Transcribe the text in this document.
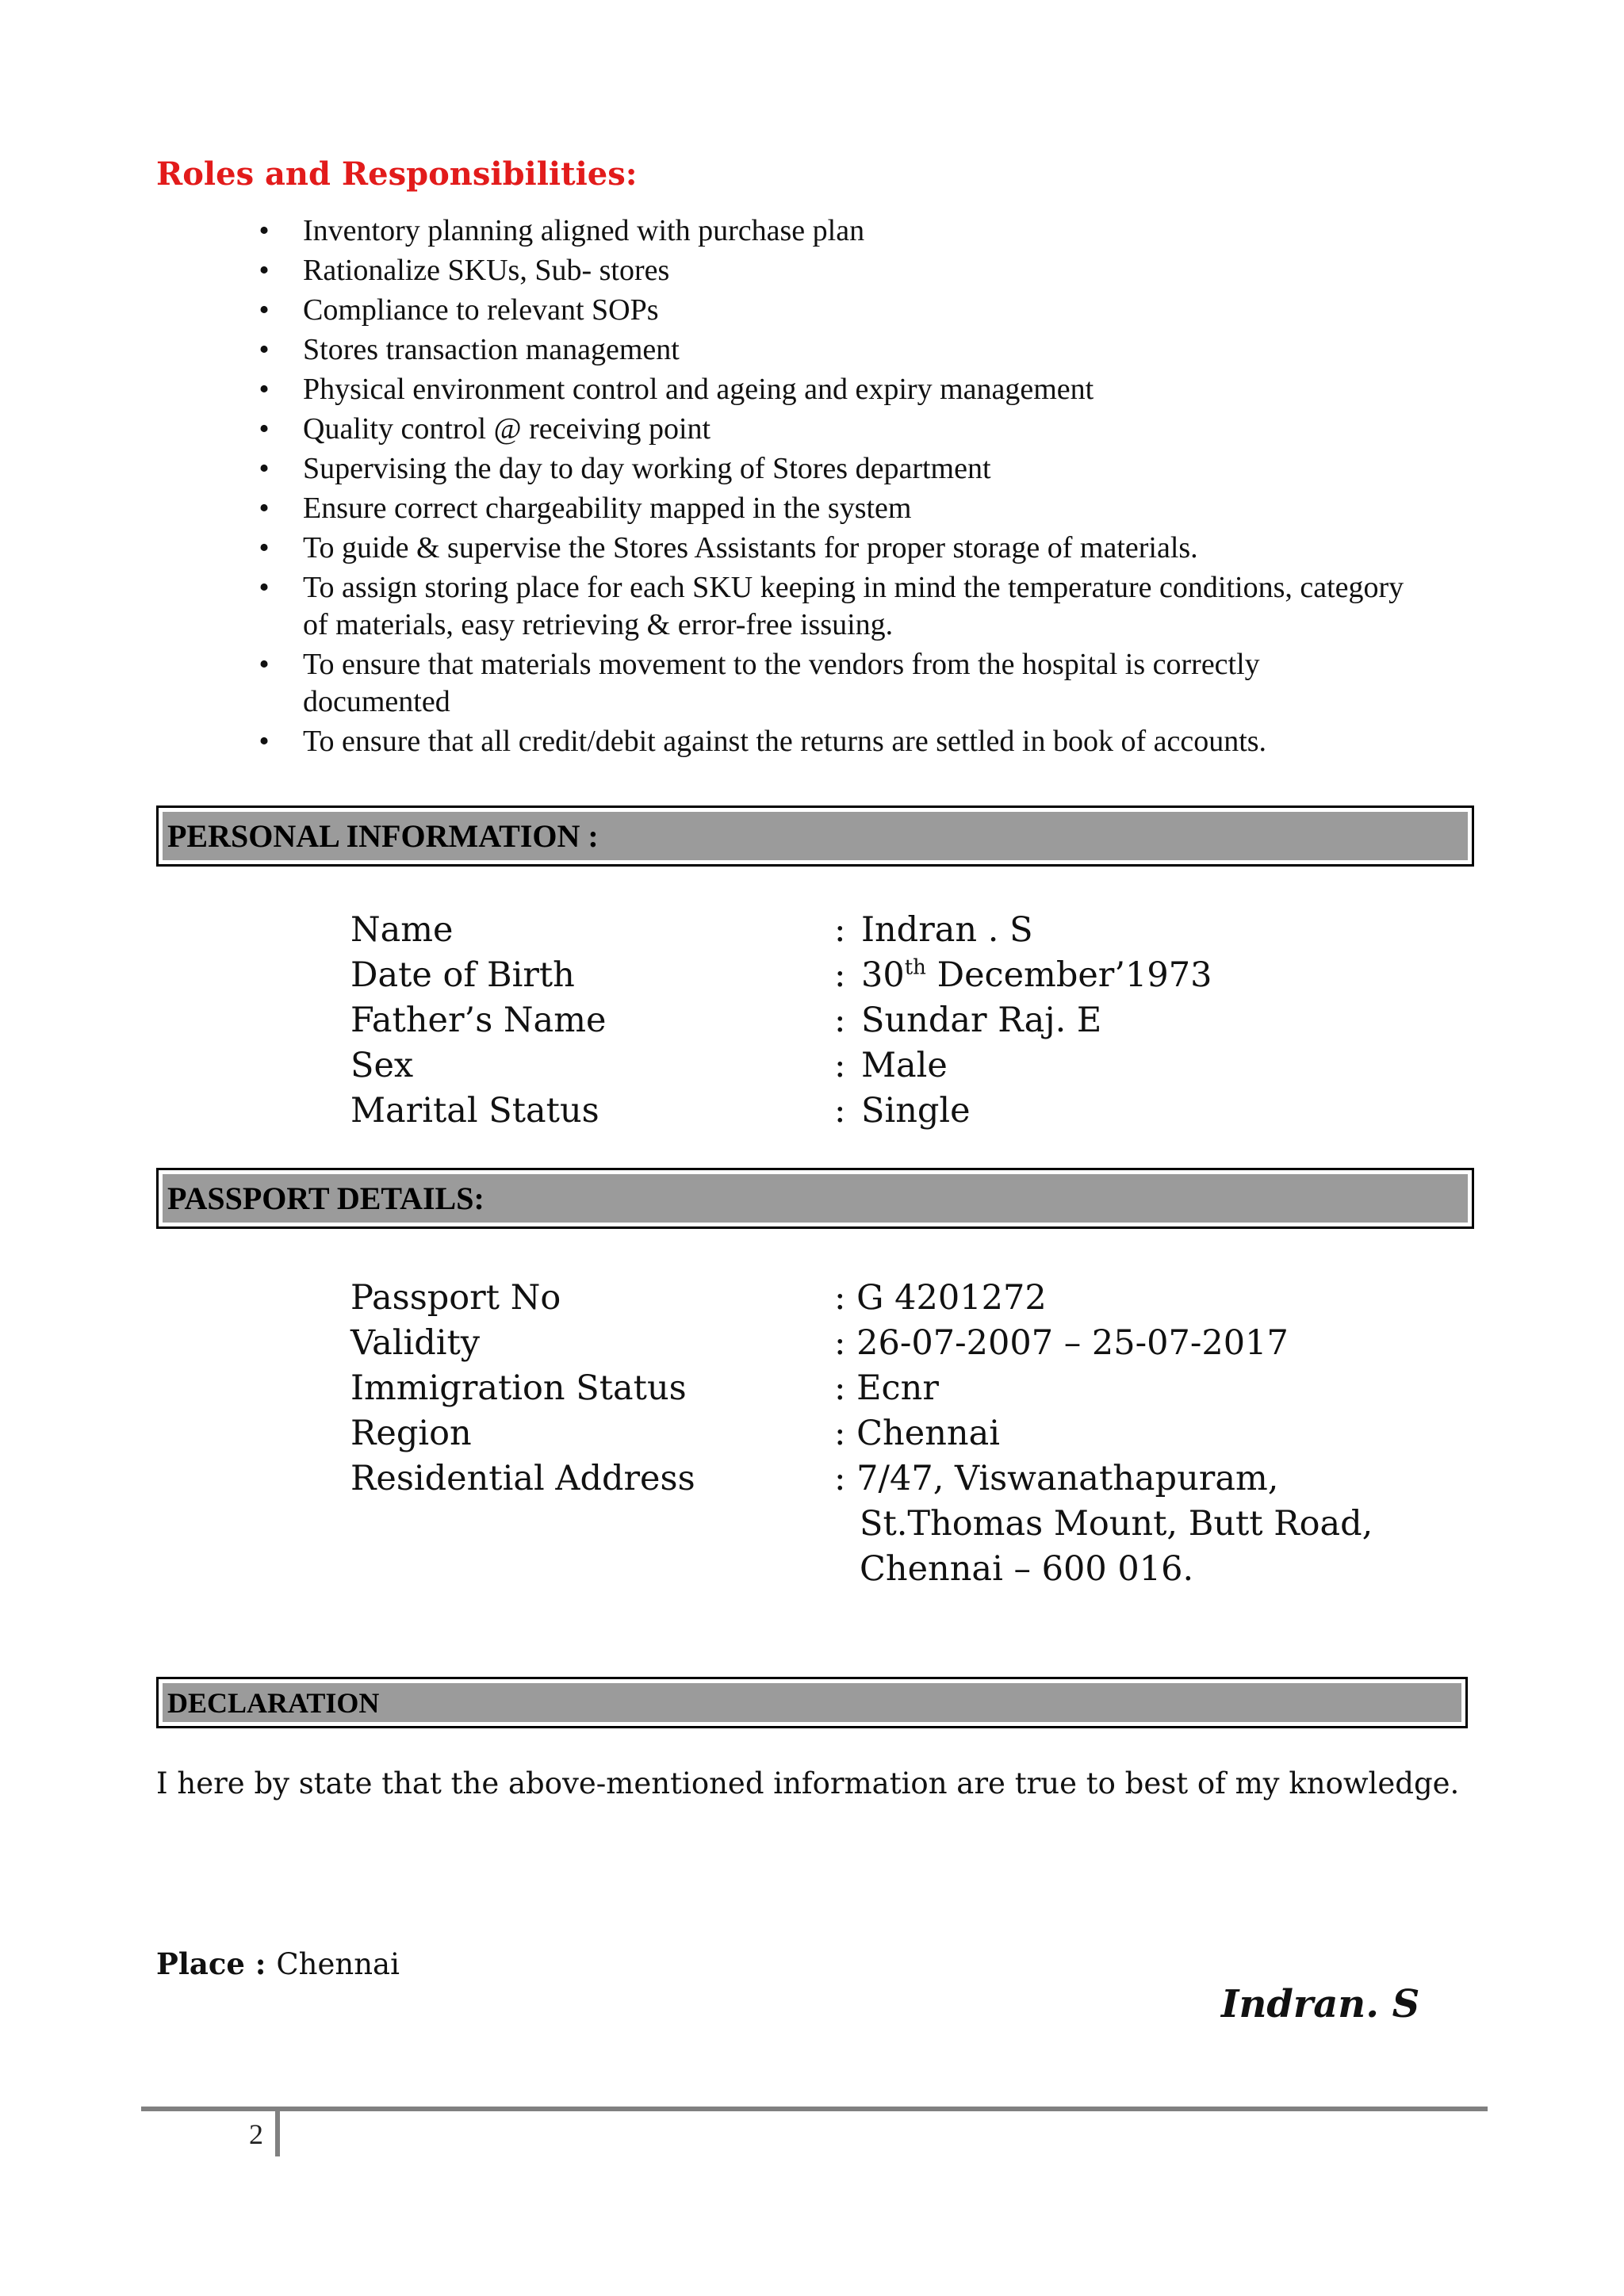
Roles and Responsibilities:
• Inventory planning aligned with purchase plan
• Rationalize SKUs, Sub- stores
• Compliance to relevant SOPs
• Stores transaction management
• Physical environment control and ageing and expiry management
• Quality control @ receiving point
• Supervising the day to day working of Stores department
• Ensure correct chargeability mapped in the system
• To guide & supervise the Stores Assistants for proper storage of materials.
• To assign storing place for each SKU keeping in mind the temperature conditions, category of materials, easy retrieving & error-free issuing.
• To ensure that materials movement to the vendors from the hospital is correctly documented
• To ensure that all credit/debit against the returns are settled in book of accounts.
PERSONAL INFORMATION :
Name	: Indran . S
Date of Birth	: 30th December’1973
Father’s Name	: Sundar Raj. E
Sex	: Male
Marital Status	: Single
PASSPORT DETAILS:
Passport No	: G 4201272
Validity	: 26-07-2007 – 25-07-2017
Immigration Status	: Ecnr
Region	: Chennai
Residential Address	: 7/47, Viswanathapuram,
St.Thomas Mount, Butt Road,
Chennai – 600 016.
DECLARATION
I here by state that the above-mentioned information are true to best of my knowledge.
Place : Chennai
Indran. S
2
